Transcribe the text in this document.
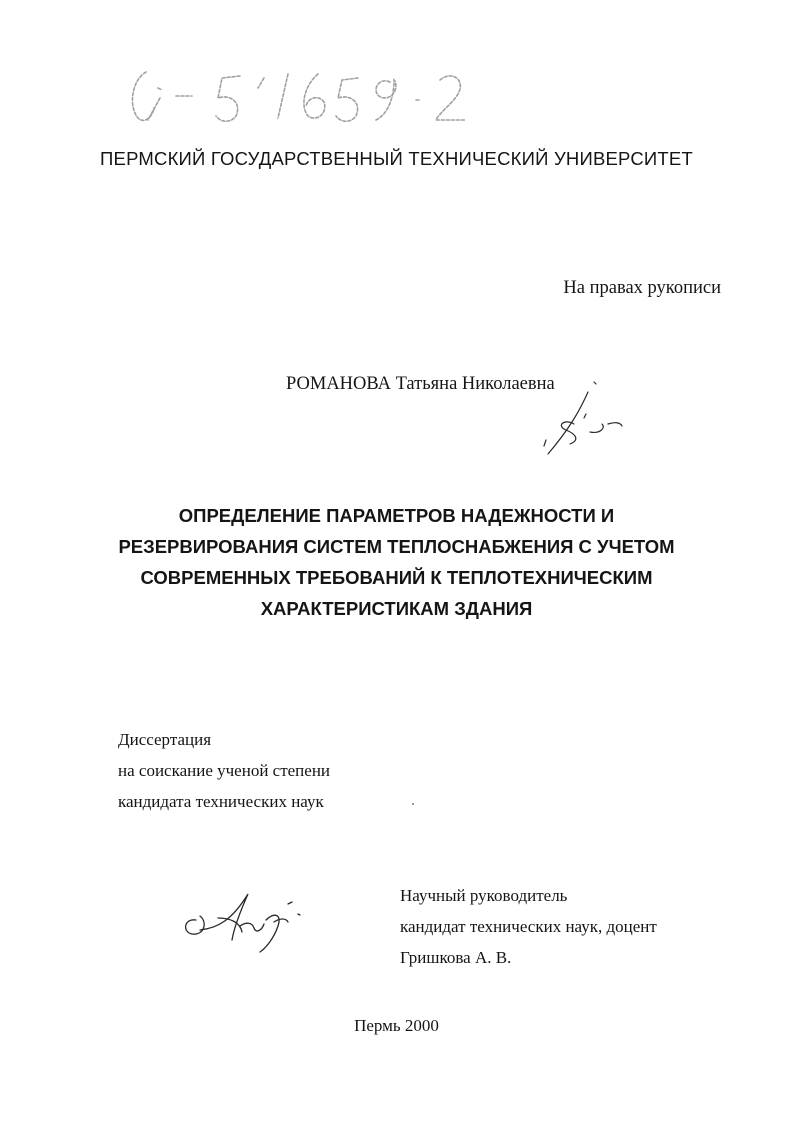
ПЕРМСКИЙ ГОСУДАРСТВЕННЫЙ ТЕХНИЧЕСКИЙ УНИВЕРСИТЕТ
На правах рукописи
РОМАНОВА Татьяна Николаевна
ОПРЕДЕЛЕНИЕ ПАРАМЕТРОВ НАДЕЖНОСТИ И
РЕЗЕРВИРОВАНИЯ СИСТЕМ ТЕПЛОСНАБЖЕНИЯ С УЧЕТОМ
СОВРЕМЕННЫХ ТРЕБОВАНИЙ К ТЕПЛОТЕХНИЧЕСКИМ
ХАРАКТЕРИСТИКАМ ЗДАНИЯ
Диссертация
на соискание ученой степени
кандидата технических наук
Научный руководитель
кандидат технических наук, доцент
Гришкова А. В.
Пермь 2000
